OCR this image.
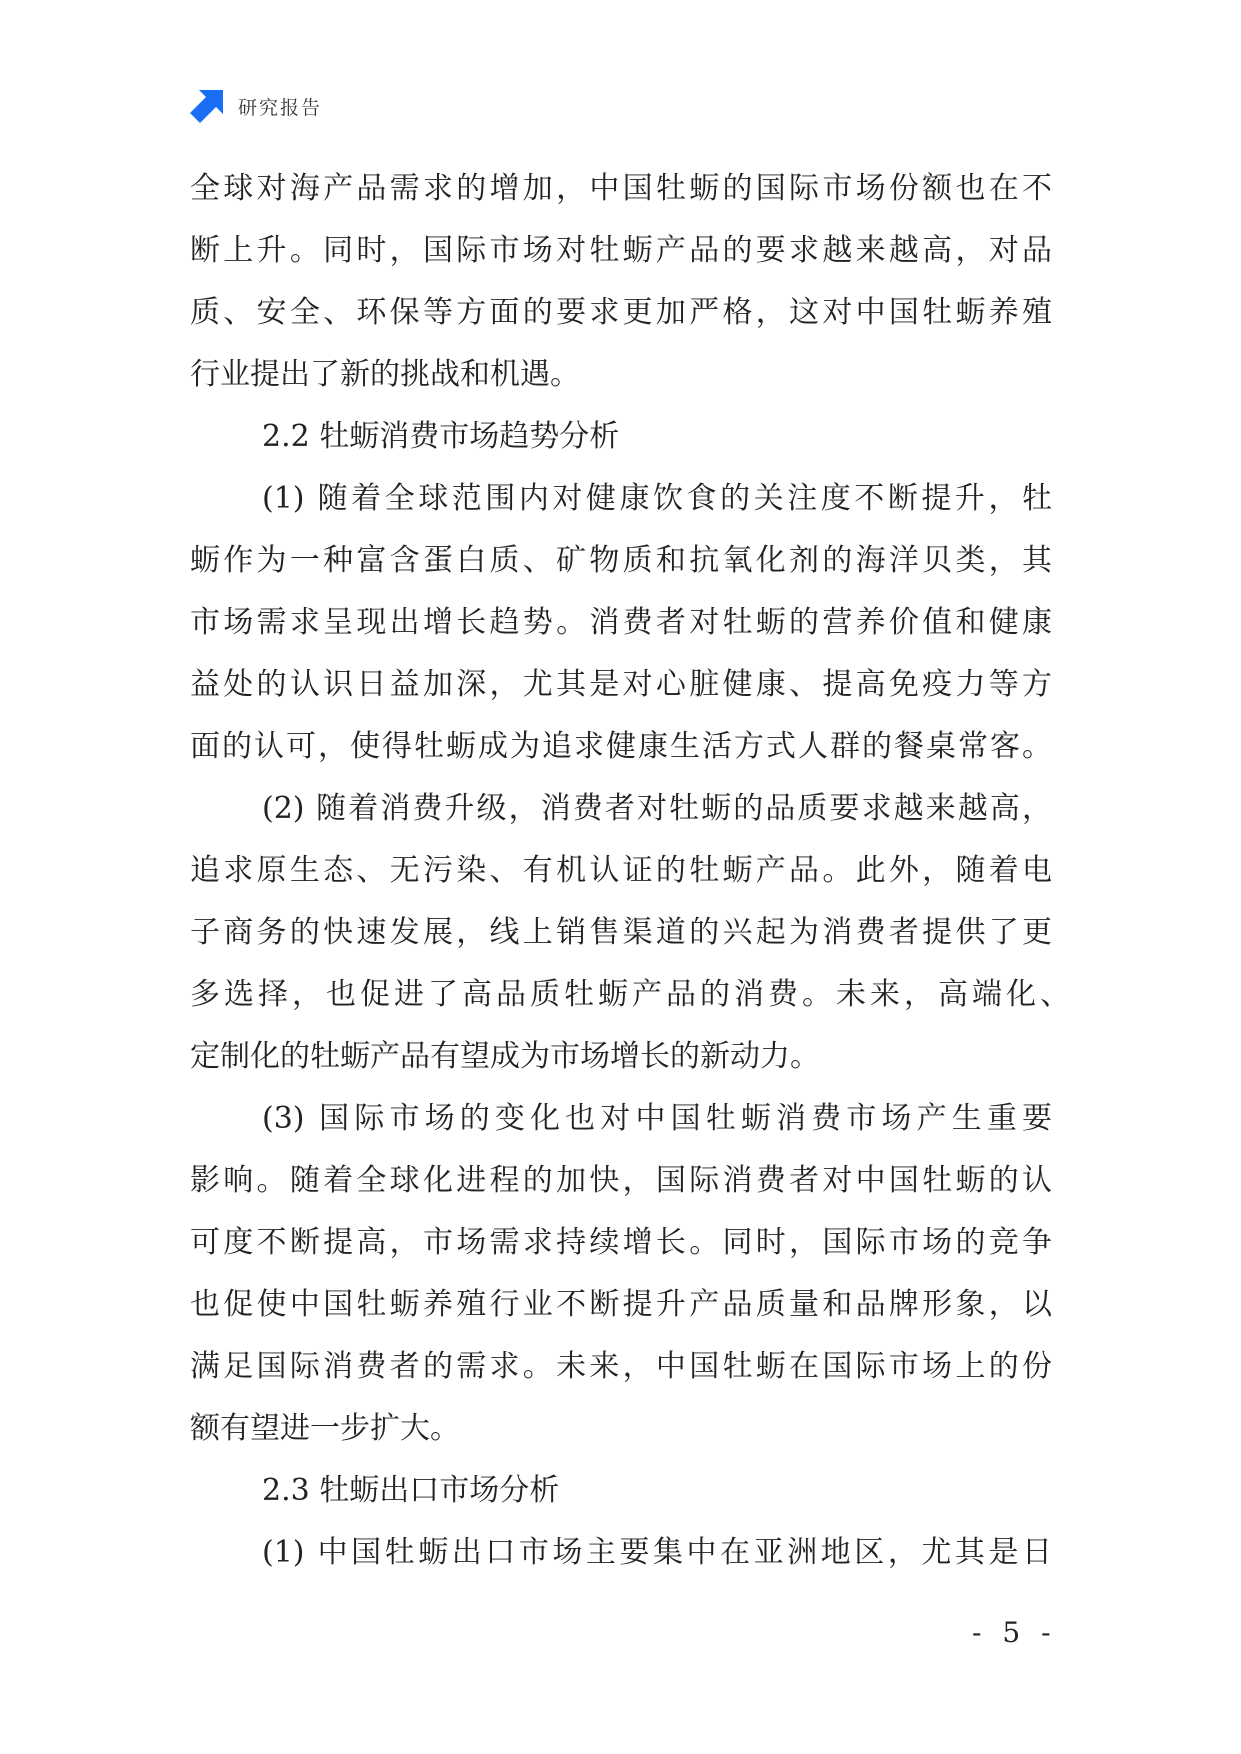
研究报告
全球对海产品需求的增加，中国牡蛎的国际市场份额也在不
断上升。同时，国际市场对牡蛎产品的要求越来越高，对品
质、安全、环保等方面的要求更加严格，这对中国牡蛎养殖
行业提出了新的挑战和机遇。
2.2 牡蛎消费市场趋势分析
(1) 随着全球范围内对健康饮食的关注度不断提升，牡
蛎作为一种富含蛋白质、矿物质和抗氧化剂的海洋贝类，其
市场需求呈现出增长趋势。消费者对牡蛎的营养价值和健康
益处的认识日益加深，尤其是对心脏健康、提高免疫力等方
面的认可，使得牡蛎成为追求健康生活方式人群的餐桌常客。
(2) 随着消费升级，消费者对牡蛎的品质要求越来越高，
追求原生态、无污染、有机认证的牡蛎产品。此外，随着电
子商务的快速发展，线上销售渠道的兴起为消费者提供了更
多选择，也促进了高品质牡蛎产品的消费。未来，高端化、
定制化的牡蛎产品有望成为市场增长的新动力。
(3) 国际市场的变化也对中国牡蛎消费市场产生重要
影响。随着全球化进程的加快，国际消费者对中国牡蛎的认
可度不断提高，市场需求持续增长。同时，国际市场的竞争
也促使中国牡蛎养殖行业不断提升产品质量和品牌形象，以
满足国际消费者的需求。未来，中国牡蛎在国际市场上的份
额有望进一步扩大。
2.3 牡蛎出口市场分析
(1) 中国牡蛎出口市场主要集中在亚洲地区，尤其是日
- 5 -
